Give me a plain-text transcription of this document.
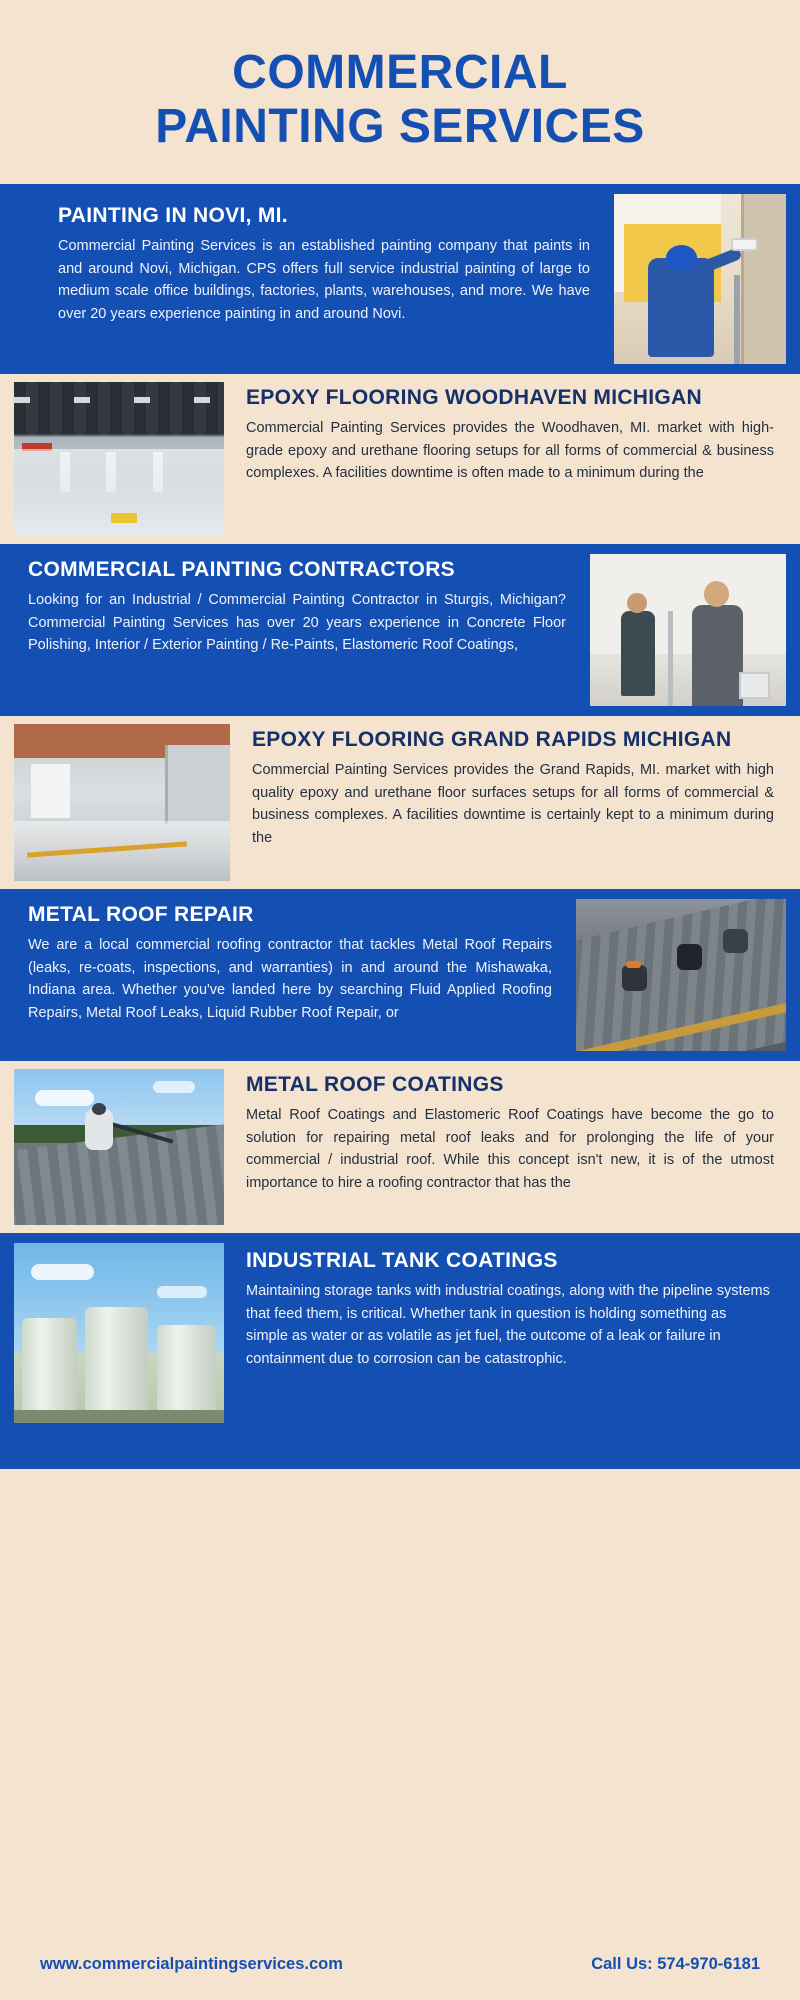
COMMERCIAL
PAINTING SERVICES
PAINTING IN NOVI, MI.
Commercial Painting Services is an established painting company that paints in and around Novi, Michigan. CPS offers full service industrial painting of large to medium scale office buildings, factories, plants, warehouses, and more. We have over 20 years experience painting in and around Novi.
EPOXY FLOORING WOODHAVEN MICHIGAN
Commercial Painting Services provides the Woodhaven, MI. market with high-grade epoxy and urethane flooring setups for all forms of commercial & business complexes. A facilities downtime is often made to a minimum during the
COMMERCIAL PAINTING CONTRACTORS
Looking for an Industrial / Commercial Painting Contractor in Sturgis, Michigan? Commercial Painting Services has over 20 years experience in Concrete Floor Polishing, Interior / Exterior Painting / Re-Paints, Elastomeric Roof Coatings,
EPOXY FLOORING GRAND RAPIDS MICHIGAN
Commercial Painting Services provides the Grand Rapids, MI. market with high quality epoxy and urethane floor surfaces setups for all forms of commercial & business complexes. A facilities downtime is certainly kept to a minimum during the
METAL ROOF REPAIR
We are a local commercial roofing contractor that tackles Metal Roof Repairs (leaks, re-coats, inspections, and warranties) in and around the Mishawaka, Indiana area. Whether you've landed here by searching Fluid Applied Roofing Repairs, Metal Roof Leaks, Liquid Rubber Roof Repair, or
METAL ROOF COATINGS
Metal Roof Coatings and Elastomeric Roof Coatings have become the go to solution for repairing metal roof leaks and for prolonging the life of your commercial / industrial roof. While this concept isn't new, it is of the utmost importance to hire a roofing contractor that has the
INDUSTRIAL TANK COATINGS
Maintaining storage tanks with industrial coatings, along with the pipeline systems that feed them, is critical. Whether tank in question is holding something as simple as water or as volatile as jet fuel, the outcome of a leak or failure in containment due to corrosion can be catastrophic.
www.commercialpaintingservices.com	Call Us: 574-970-6181
